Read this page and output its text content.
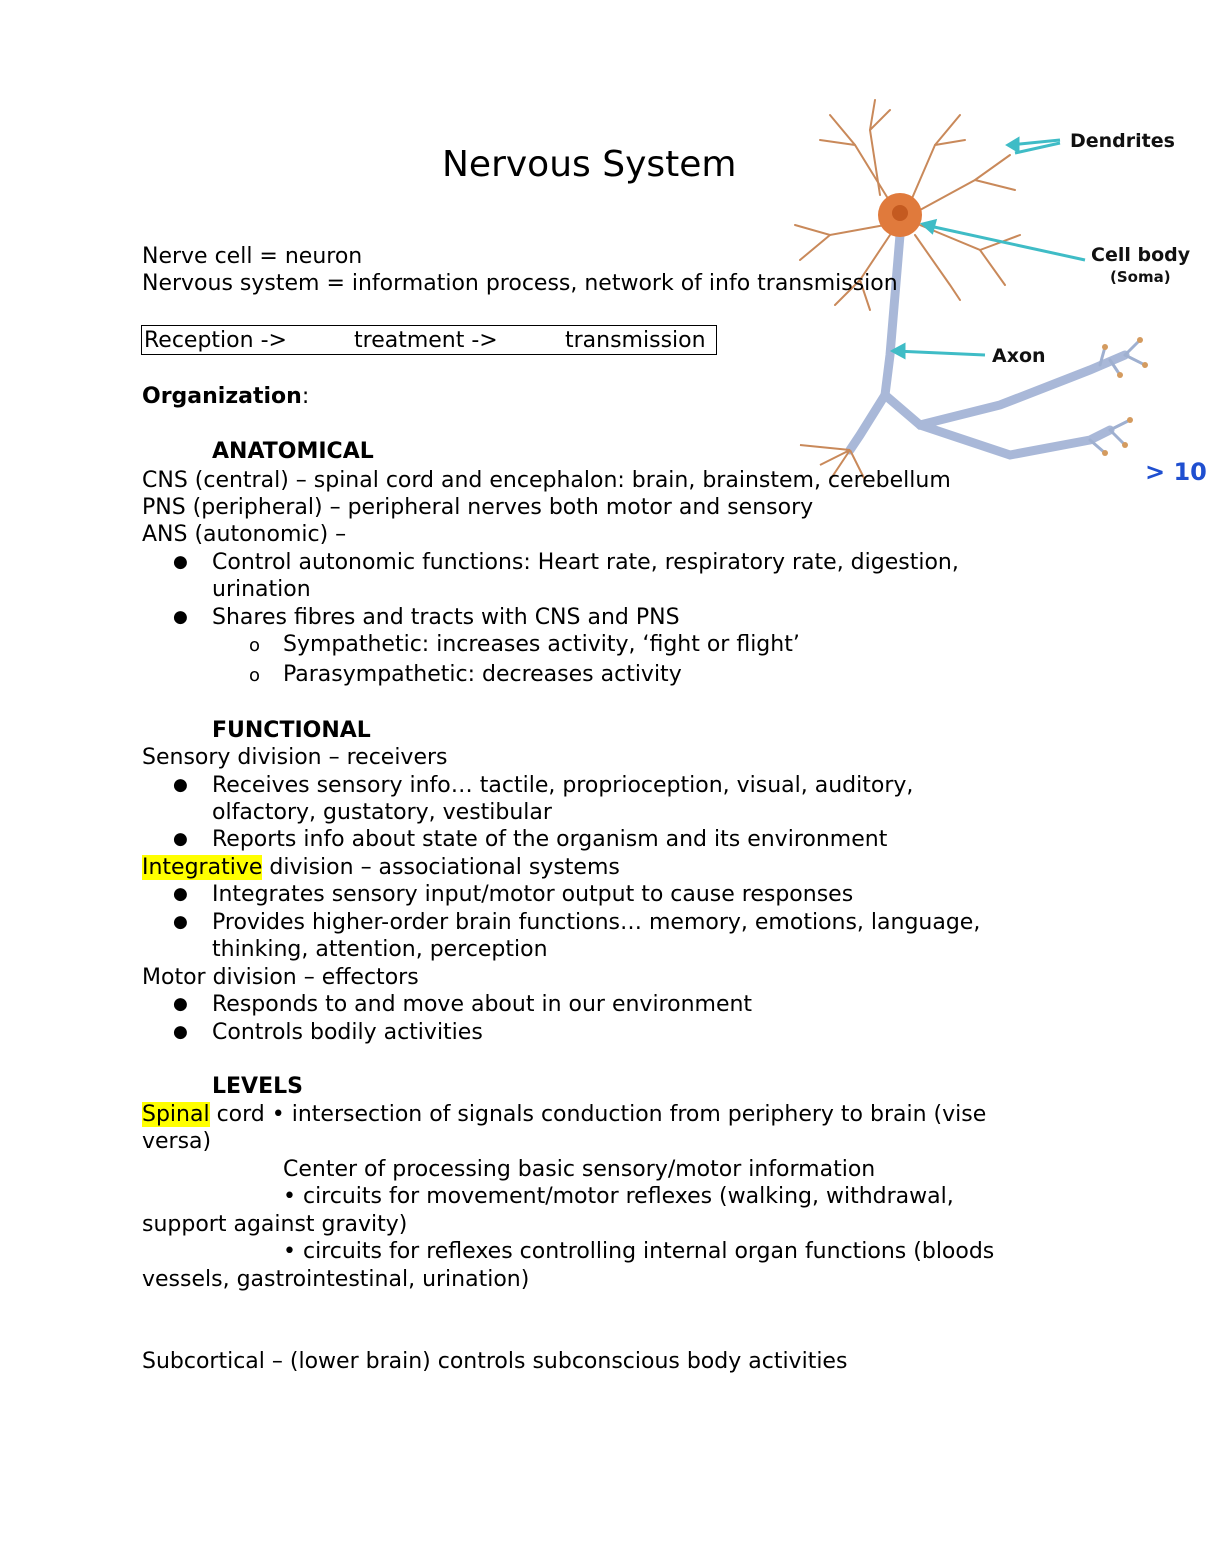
Dendrites
Cell body
(Soma)
Axon
> 10
Nervous System
Nerve cell = neuron
Nervous system = information process, network of info transmission
Reception ->	treatment ->	transmission
Organization:
ANATOMICAL
CNS (central) – spinal cord and encephalon: brain, brainstem, cerebellum
PNS (peripheral) – peripheral nerves both motor and sensory
ANS (autonomic) –
● Control autonomic functions: Heart rate, respiratory rate, digestion,
urination
● Shares fibres and tracts with CNS and PNS
o Sympathetic: increases activity, ‘fight or flight’
o Parasympathetic: decreases activity
FUNCTIONAL
Sensory division – receivers
● Receives sensory info… tactile, proprioception, visual, auditory,
olfactory, gustatory, vestibular
● Reports info about state of the organism and its environment
Integrative division – associational systems
● Integrates sensory input/motor output to cause responses
● Provides higher-order brain functions… memory, emotions, language,
thinking, attention, perception
Motor division – effectors
● Responds to and move about in our environment
● Controls bodily activities
LEVELS
Spinal cord • intersection of signals conduction from periphery to brain (vise
versa)
Center of processing basic sensory/motor information
• circuits for movement/motor reflexes (walking, withdrawal,
support against gravity)
• circuits for reflexes controlling internal organ functions (bloods
vessels, gastrointestinal, urination)
Subcortical – (lower brain) controls subconscious body activities
